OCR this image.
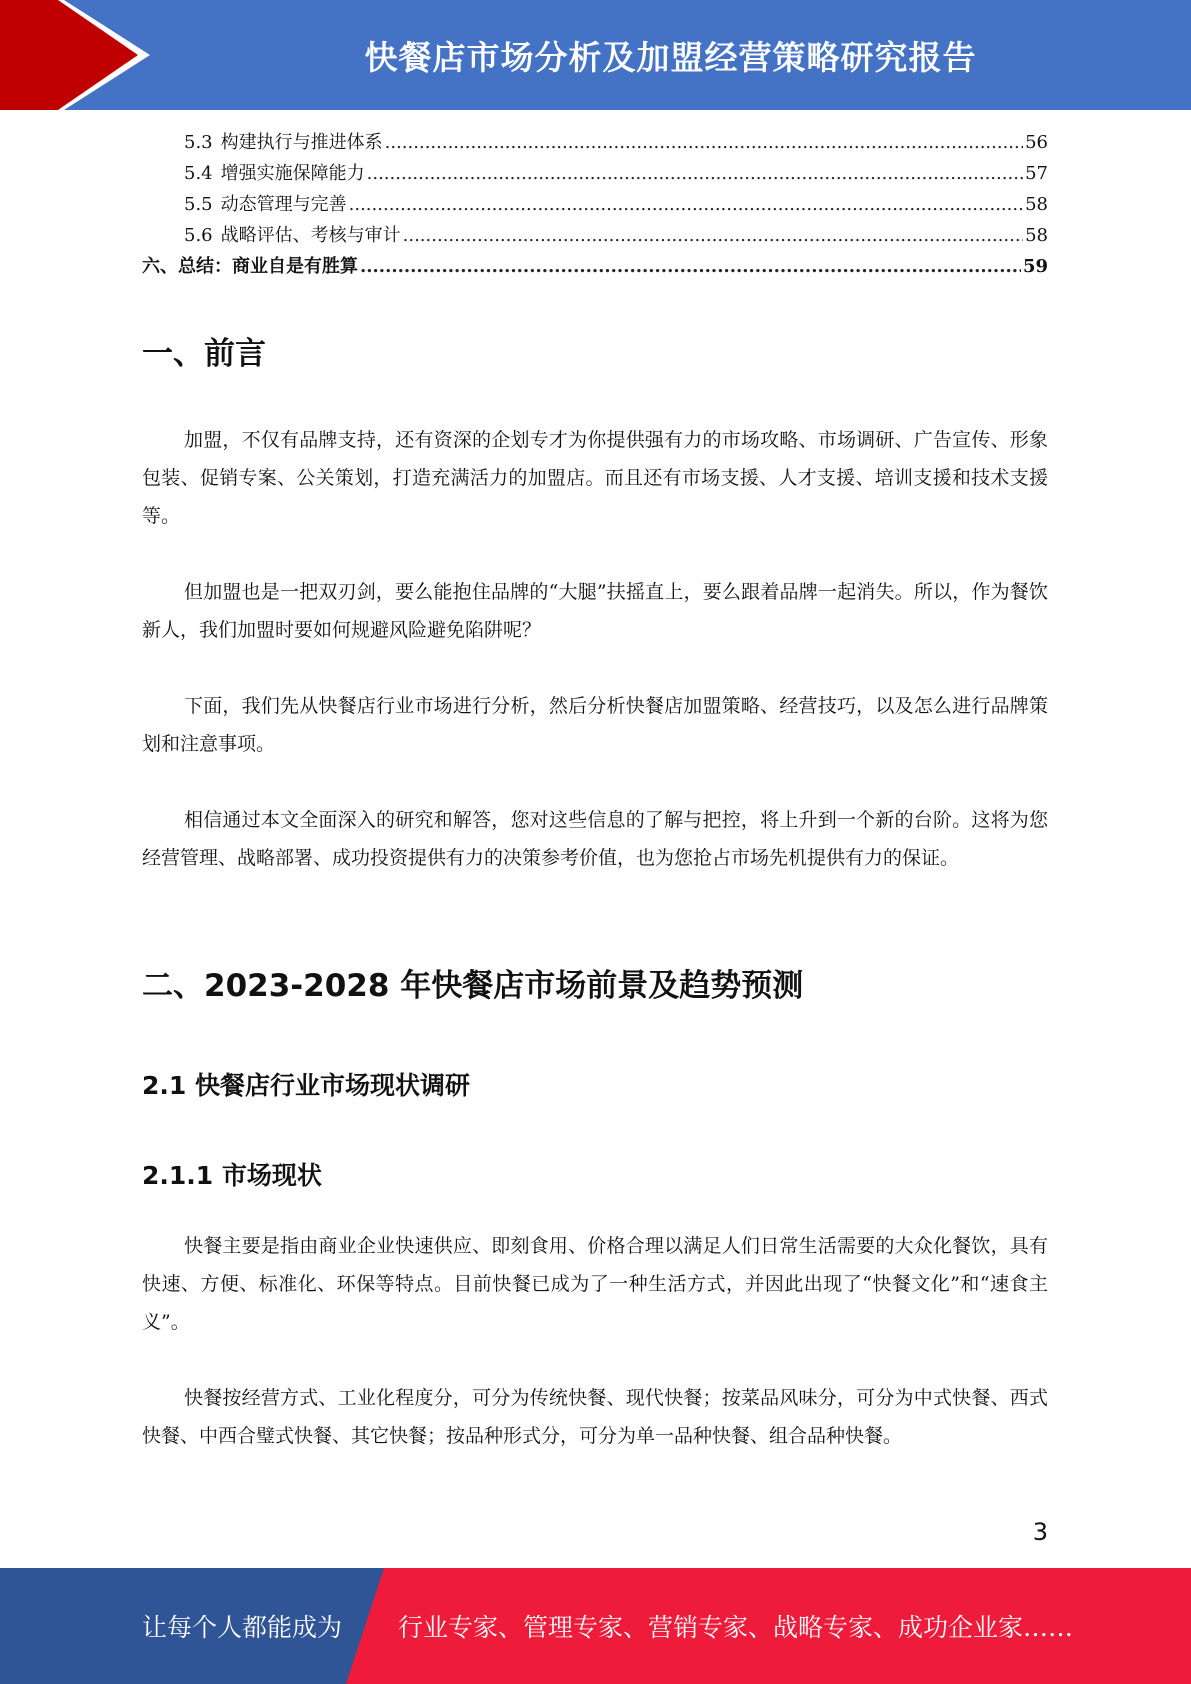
快餐店市场分析及加盟经营策略研究报告
5.3 构建执行与推进体系 .....	56
5.4 增强实施保障能力 .....	57
5.5 动态管理与完善 .....	58
5.6 战略评估、考核与审计 .....	58
六、总结：商业自是有胜算 .....	59
一、前言

加盟，不仅有品牌支持，还有资深的企划专才为你提供强有力的市场攻略、市场调研、广告宣传、形象包装、促销专案、公关策划，打造充满活力的加盟店。而且还有市场支援、人才支援、培训支援和技术支援等。

但加盟也是一把双刃剑，要么能抱住品牌的“大腿”扶摇直上，要么跟着品牌一起消失。所以，作为餐饮新人，我们加盟时要如何规避风险避免陷阱呢？

下面，我们先从快餐店行业市场进行分析，然后分析快餐店加盟策略、经营技巧，以及怎么进行品牌策划和注意事项。

相信通过本文全面深入的研究和解答，您对这些信息的了解与把控，将上升到一个新的台阶。这将为您经营管理、战略部署、成功投资提供有力的决策参考价值，也为您抢占市场先机提供有力的保证。

二、2023-2028 年快餐店市场前景及趋势预测
2.1 快餐店行业市场现状调研
2.1.1 市场现状

快餐主要是指由商业企业快速供应、即刻食用、价格合理以满足人们日常生活需要的大众化餐饮，具有快速、方便、标准化、环保等特点。目前快餐已成为了一种生活方式，并因此出现了“快餐文化”和“速食主义”。

快餐按经营方式、工业化程度分，可分为传统快餐、现代快餐；按菜品风味分，可分为中式快餐、西式快餐、中西合璧式快餐、其它快餐；按品种形式分，可分为单一品种快餐、组合品种快餐。

3
让每个人都能成为 行业专家、管理专家、营销专家、战略专家、成功企业家……
